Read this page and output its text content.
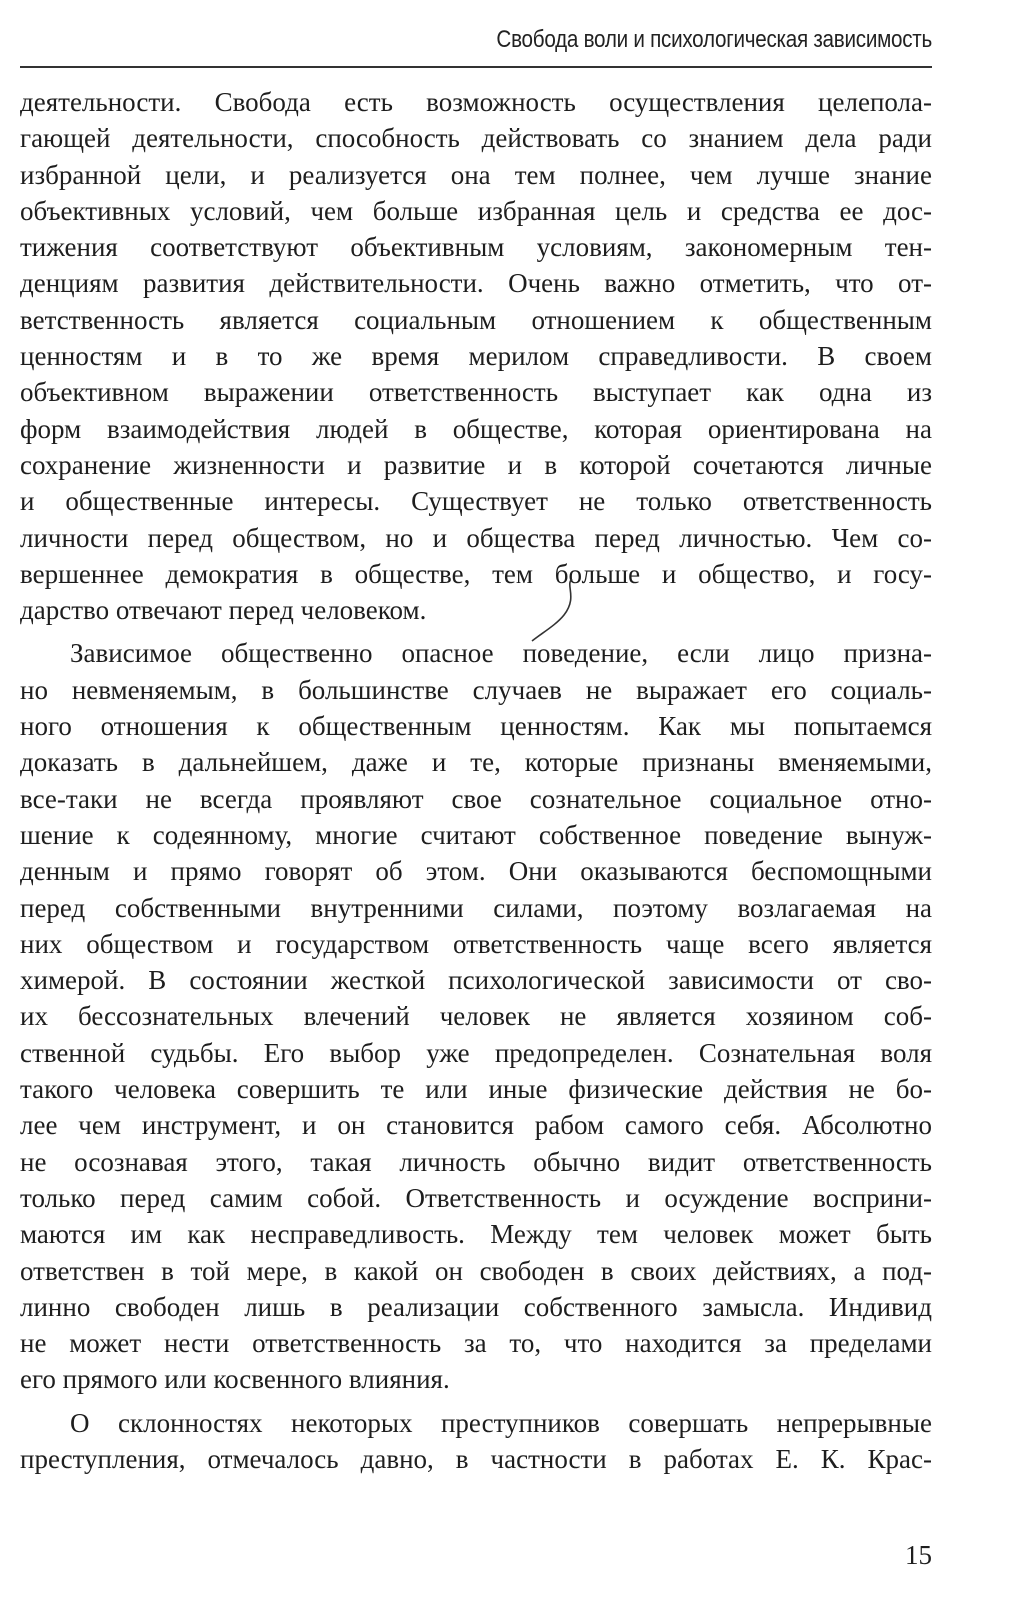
Свобода воли и психологическая зависимость

деятельности. Свобода есть возможность осуществления целепола-
гающей деятельности, способность действовать со знанием дела ради
избранной цели, и реализуется она тем полнее, чем лучше знание
объективных условий, чем больше избранная цель и средства ее дос-
тижения соответствуют объективным условиям, закономерным тен-
денциям развития действительности. Очень важно отметить, что от-
ветственность является социальным отношением к общественным
ценностям и в то же время мерилом справедливости. В своем
объективном выражении ответственность выступает как одна из
форм взаимодействия людей в обществе, которая ориентирована на
сохранение жизненности и развитие и в которой сочетаются личные
и общественные интересы. Существует не только ответственность
личности перед обществом, но и общества перед личностью. Чем со-
вершеннее демократия в обществе, тем больше и общество, и госу-
дарство отвечают перед человеком.

Зависимое общественно опасное поведение, если лицо призна-
но невменяемым, в большинстве случаев не выражает его социаль-
ного отношения к общественным ценностям. Как мы попытаемся
доказать в дальнейшем, даже и те, которые признаны вменяемыми,
все-таки не всегда проявляют свое сознательное социальное отно-
шение к содеянному, многие считают собственное поведение вынуж-
денным и прямо говорят об этом. Они оказываются беспомощными
перед собственными внутренними силами, поэтому возлагаемая на
них обществом и государством ответственность чаще всего является
химерой. В состоянии жесткой психологической зависимости от сво-
их бессознательных влечений человек не является хозяином соб-
ственной судьбы. Его выбор уже предопределен. Сознательная воля
такого человека совершить те или иные физические действия не бо-
лее чем инструмент, и он становится рабом самого себя. Абсолютно
не осознавая этого, такая личность обычно видит ответственность
только перед самим собой. Ответственность и осуждение восприни-
маются им как несправедливость. Между тем человек может быть
ответствен в той мере, в какой он свободен в своих действиях, а под-
линно свободен лишь в реализации собственного замысла. Индивид
не может нести ответственность за то, что находится за пределами
его прямого или косвенного влияния.

О склонностях некоторых преступников совершать непрерывные
преступления, отмечалось давно, в частности в работах Е. К. Крас-

15
